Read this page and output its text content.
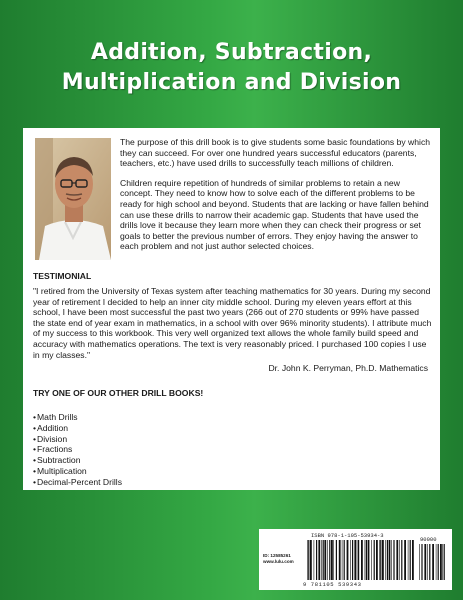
Addition, Subtraction,
Multiplication and Division

The purpose of this drill book is to give students some basic foundations by which they can succeed. For over one hundred years successful educators (parents, teachers, etc.) have used drills to successfully teach millions of children.

Children require repetition of hundreds of similar problems to retain a new concept. They need to know how to solve each of the different problems to be ready for high school and beyond. Students that are lacking or have fallen behind can use these drills to narrow their academic gap. Students that have used the drills love it because they learn more when they can check their progress or set goals to better the previous number of errors. They enjoy having the answer to each problem and not just author selected choices.

TESTIMONIAL

"I retired from the University of Texas system after teaching mathematics for 30 years. During my second year of retirement I decided to help an inner city middle school. During my eleven years effort at this school, I have been most successful the past two years (266 out of 270 students or 99% have passed the state end of year exam in mathematics, in a school with over 96% minority students). I attribute much of my success to this workbook. This very well organized text allows the whole family build speed and accuracy with mathematics operations. The text is very reasonably priced. I purchased 100 copies I use in my classes."

Dr. John K. Perryman, Ph.D. Mathematics
TRY ONE OF OUR OTHER DRILL BOOKS!
•Math Drills
•Addition
•Division
•Fractions
•Subtraction
•Multiplication
•Decimal-Percent Drills
ISBN 978-1-105-53934-3
ID: 12585261
www.lulu.com
90000
9 781105 539343
